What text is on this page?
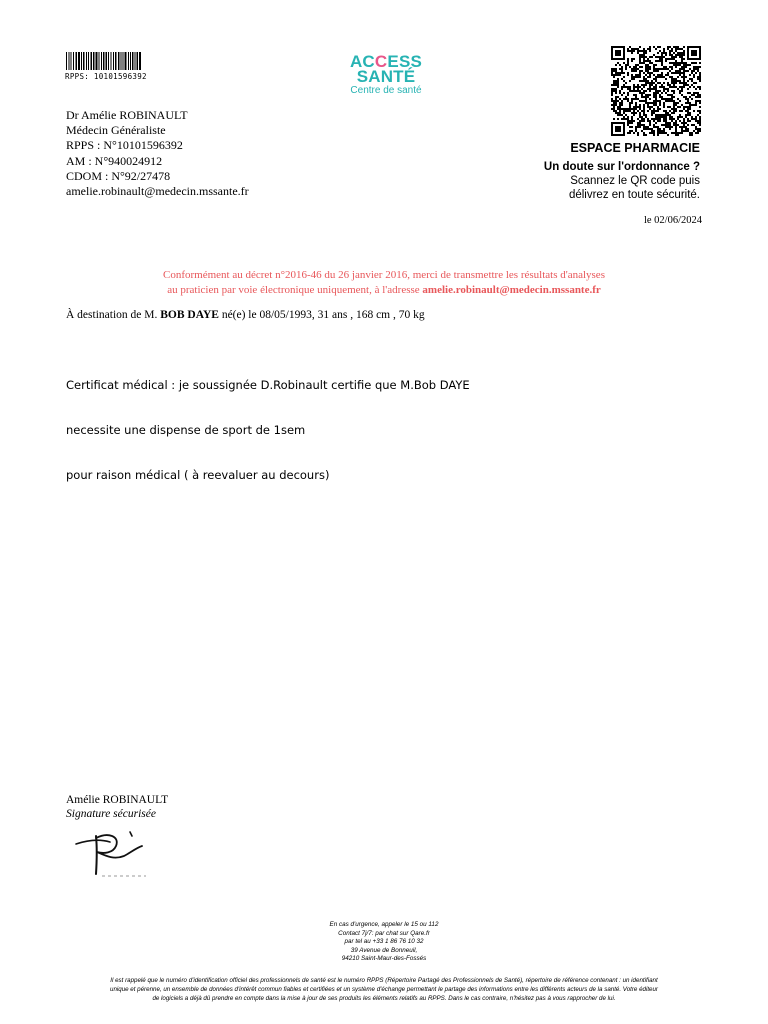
RPPS: 10101596392
ACCESS
SANTÉ
Centre de santé
Dr Amélie ROBINAULT
Médecin Généraliste
RPPS : N°10101596392
AM : N°940024912
CDOM : N°92/27478
amelie.robinault@medecin.mssante.fr
ESPACE PHARMACIE
Un doute sur l'ordonnance ?
Scannez le QR code puis
délivrez en toute sécurité.
le 02/06/2024
Conformément au décret n°2016-46 du 26 janvier 2016, merci de transmettre les résultats d'analyses
au praticien par voie électronique uniquement, à l'adresse amelie.robinault@medecin.mssante.fr
À destination de M. BOB DAYE né(e) le 08/05/1993, 31 ans , 168 cm , 70 kg

Certificat médical : je soussignée D.Robinault certifie que M.Bob DAYE

necessite une dispense de sport de 1sem

pour raison médical ( à reevaluer au decours)

Amélie ROBINAULT
Signature sécurisée
En cas d'urgence, appeler le 15 ou 112
Contact 7j/7: par chat sur Qare.fr
par tel au +33 1 86 76 10 32
39 Avenue de Bonneuil,
94210 Saint-Maur-des-Fossés
Il est rappelé que le numéro d'identification officiel des professionnels de santé est le numéro RPPS (Répertoire Partagé des Professionnels de Santé), répertoire de référence contenant : un identifiant
unique et pérenne, un ensemble de données d'intérêt commun fiables et certifiées et un système d'échange permettant le partage des informations entre les différents acteurs de la santé. Votre éditeur
de logiciels a déjà dû prendre en compte dans la mise à jour de ses produits les éléments relatifs au RPPS. Dans le cas contraire, n'hésitez pas à vous rapprocher de lui.
